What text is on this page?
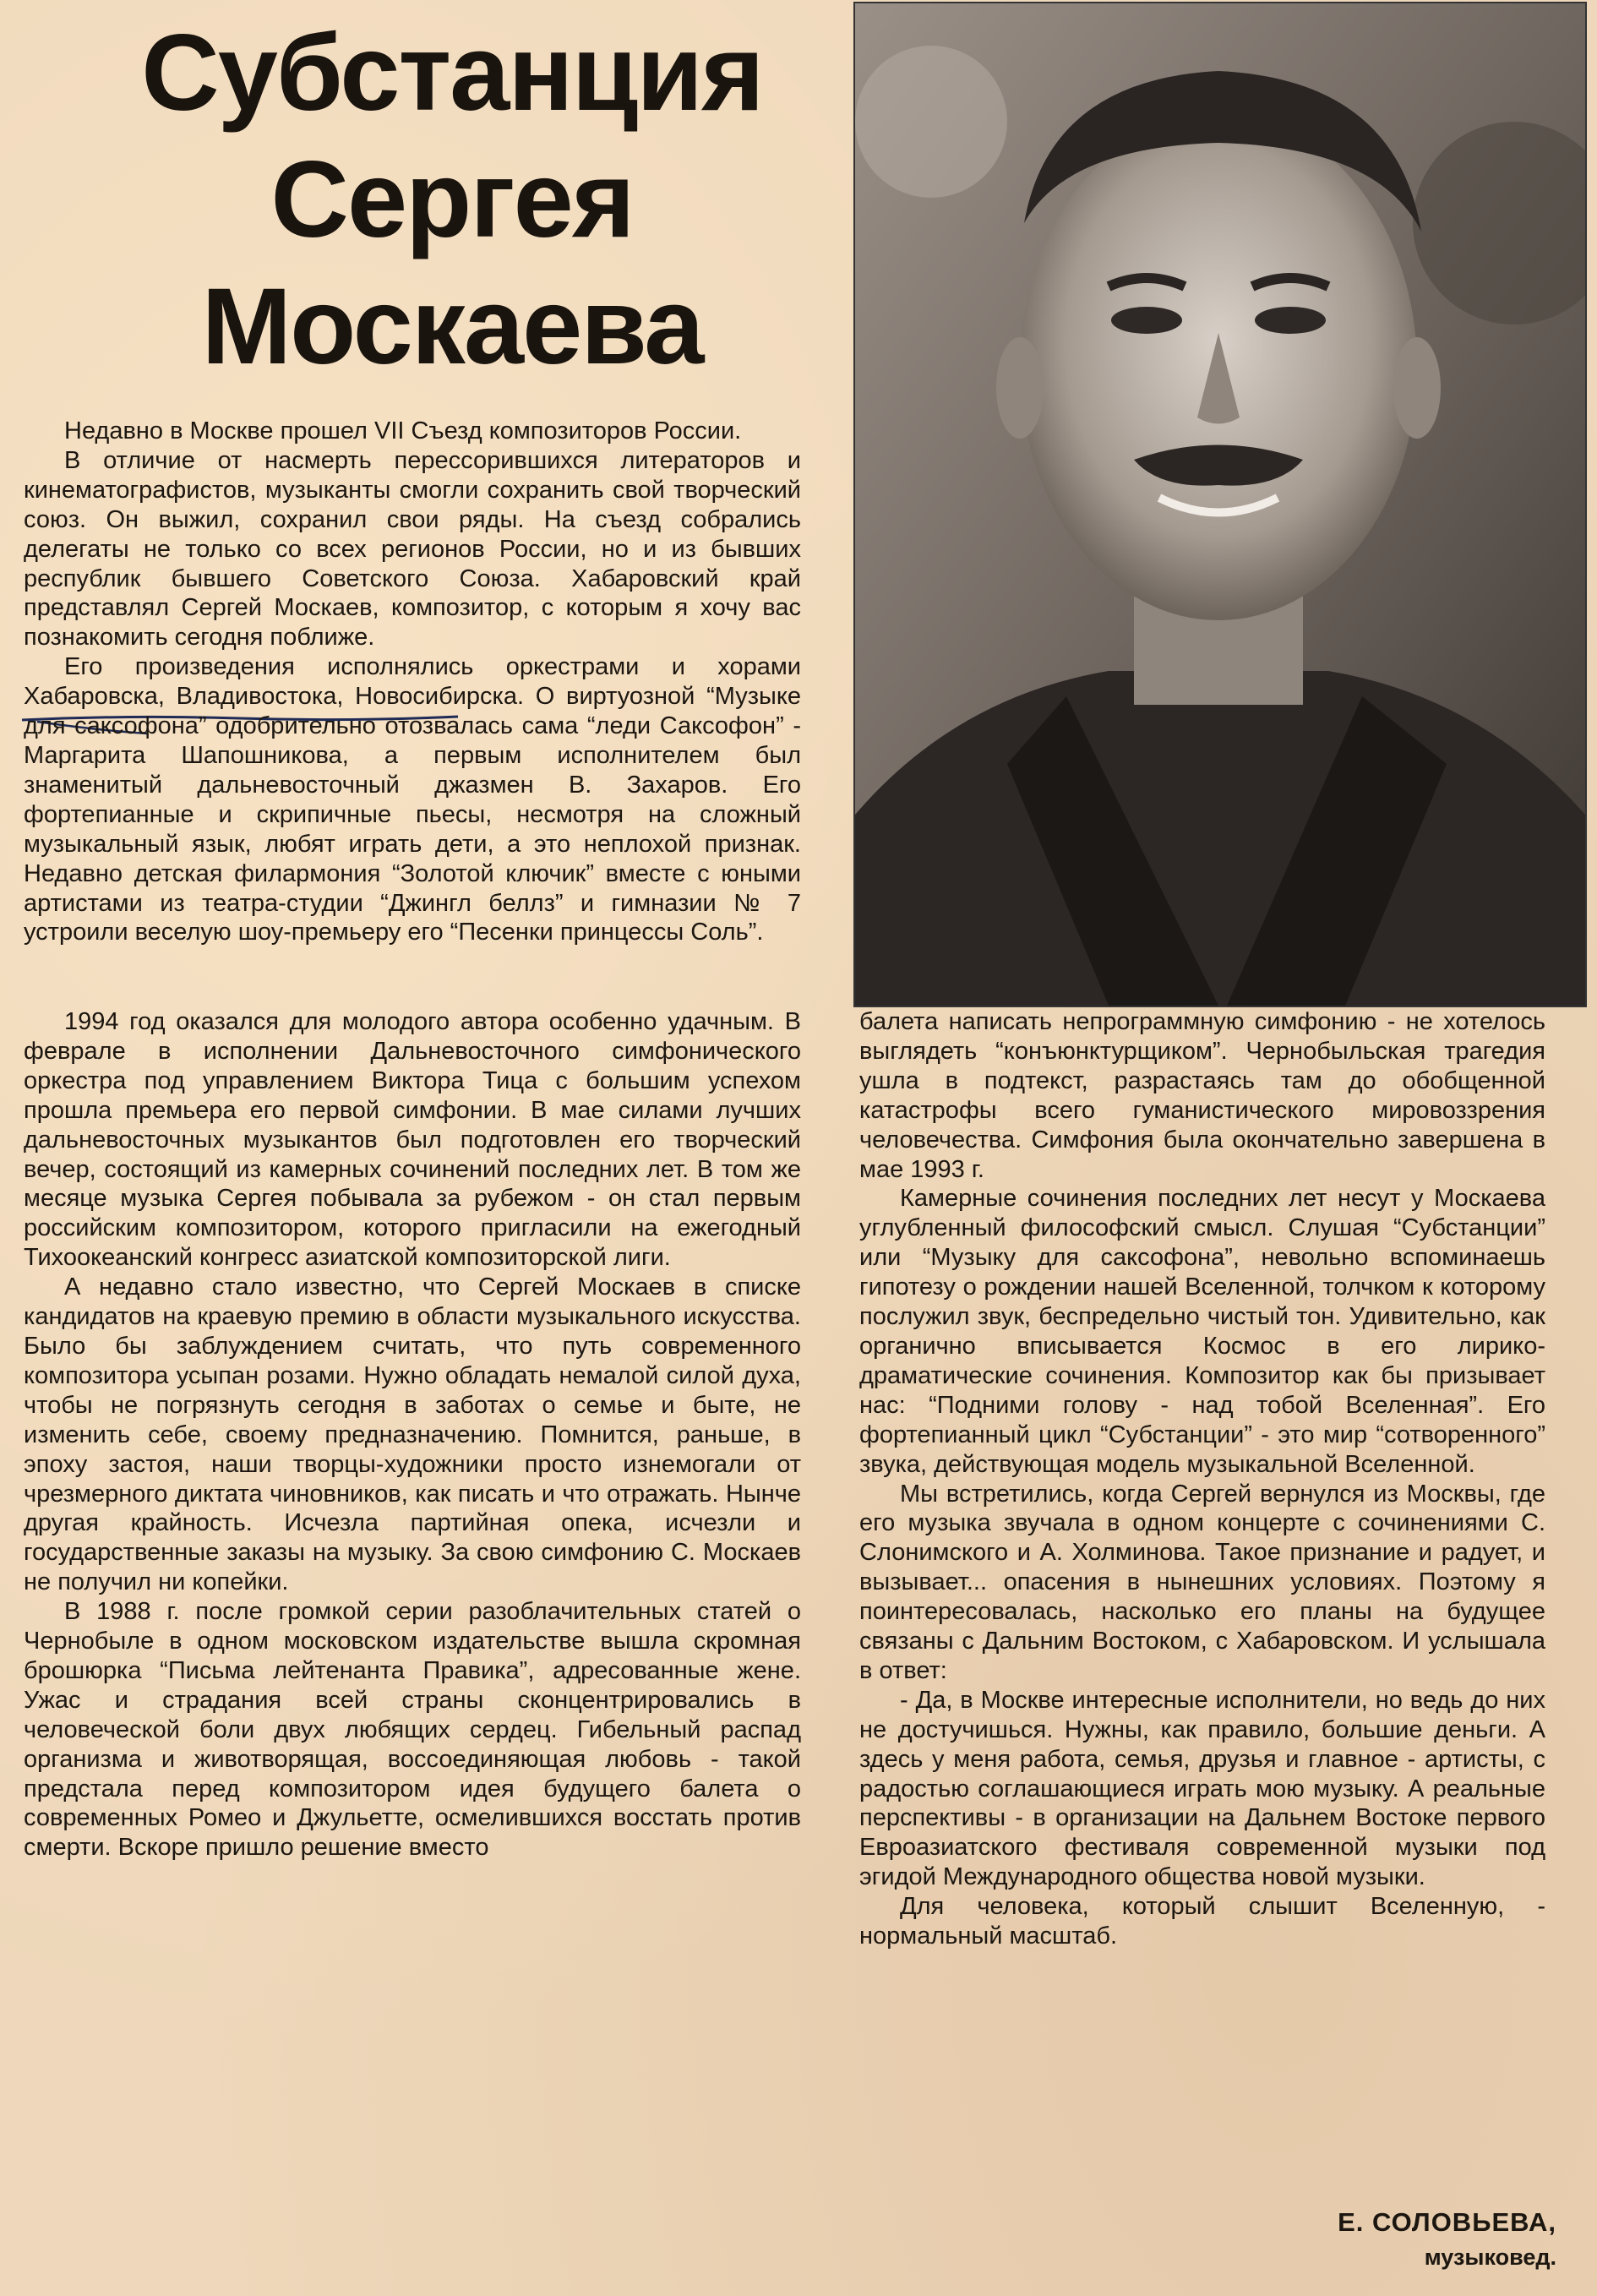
Субстанция
Сергея
Москаева

Недавно в Москве прошел VII Съезд композиторов России.

В отличие от насмерть перессорившихся литераторов и кинематографистов, музыканты смогли сохранить свой творческий союз. Он выжил, сохранил свои ряды. На съезд собрались делегаты не только со всех регионов России, но и из бывших республик бывшего Советского Союза. Хабаровский край представлял Сергей Москаев, композитор, с которым я хочу вас познакомить сегодня поближе.

Его произведения исполнялись оркестрами и хорами Хабаровска, Владивостока, Новосибирска. О виртуозной “Музыке для саксофона” одобрительно отозвалась сама “леди Саксофон” - Маргарита Шапошникова, а первым исполнителем был знаменитый дальневосточный джазмен В. Захаров. Его фортепианные и скрипичные пьесы, несмотря на сложный музыкальный язык, любят играть дети, а это неплохой признак. Недавно детская филармония “Золотой ключик” вместе с юными артистами из театра-студии “Джингл беллз” и гимназии № 7 устроили веселую шоу-премьеру его “Песенки принцессы Соль”.

1994 год оказался для молодого автора особенно удачным. В феврале в исполнении Дальневосточного симфонического оркестра под управлением Виктора Тица с большим успехом прошла премьера его первой симфонии. В мае силами лучших дальневосточных музыкантов был подготовлен его творческий вечер, состоящий из камерных сочинений последних лет. В том же месяце музыка Сергея побывала за рубежом - он стал первым российским композитором, которого пригласили на ежегодный Тихоокеанский конгресс азиатской композиторской лиги.

А недавно стало известно, что Сергей Москаев в списке кандидатов на краевую премию в области музыкального искусства. Было бы заблуждением считать, что путь современного композитора усыпан розами. Нужно обладать немалой силой духа, чтобы не погрязнуть сегодня в заботах о семье и быте, не изменить себе, своему предназначению. Помнится, раньше, в эпоху застоя, наши творцы-художники просто изнемогали от чрезмерного диктата чиновников, как писать и что отражать. Нынче другая крайность. Исчезла партийная опека, исчезли и государственные заказы на музыку. За свою симфонию С. Москаев не получил ни копейки.

В 1988 г. после громкой серии разоблачительных статей о Чернобыле в одном московском издательстве вышла скромная брошюрка “Письма лейтенанта Правика”, адресованные жене. Ужас и страдания всей страны сконцентрировались в человеческой боли двух любящих сердец. Гибельный распад организма и животворящая, воссоединяющая любовь - такой предстала перед композитором идея будущего балета о современных Ромео и Джульетте, осмелившихся восстать против смерти. Вскоре пришло решение вместо

балета написать непрограммную симфонию - не хотелось выглядеть “конъюнктурщиком”. Чернобыльская трагедия ушла в подтекст, разрастаясь там до обобщенной катастрофы всего гуманистического мировоззрения человечества. Симфония была окончательно завершена в мае 1993 г.

Камерные сочинения последних лет несут у Москаева углубленный философский смысл. Слушая “Субстанции” или “Музыку для саксофона”, невольно вспоминаешь гипотезу о рождении нашей Вселенной, толчком к которому послужил звук, беспредельно чистый тон. Удивительно, как органично вписывается Космос в его лирико-драматические сочинения. Композитор как бы призывает нас: “Подними голову - над тобой Вселенная”. Его фортепианный цикл “Субстанции” - это мир “сотворенного” звука, действующая модель музыкальной Вселенной.

Мы встретились, когда Сергей вернулся из Москвы, где его музыка звучала в одном концерте с сочинениями С. Слонимского и А. Холминова. Такое признание и радует, и вызывает... опасения в нынешних условиях. Поэтому я поинтересовалась, насколько его планы на будущее связаны с Дальним Востоком, с Хабаровском. И услышала в ответ:

- Да, в Москве интересные исполнители, но ведь до них не достучишься. Нужны, как правило, большие деньги. А здесь у меня работа, семья, друзья и главное - артисты, с радостью соглашающиеся играть мою музыку. А реальные перспективы - в организации на Дальнем Востоке первого Евроазиатского фестиваля современной музыки под эгидой Международного общества новой музыки.

Для человека, который слышит Вселенную, - нормальный масштаб.

Е. СОЛОВЬЕВА,

музыковед.
